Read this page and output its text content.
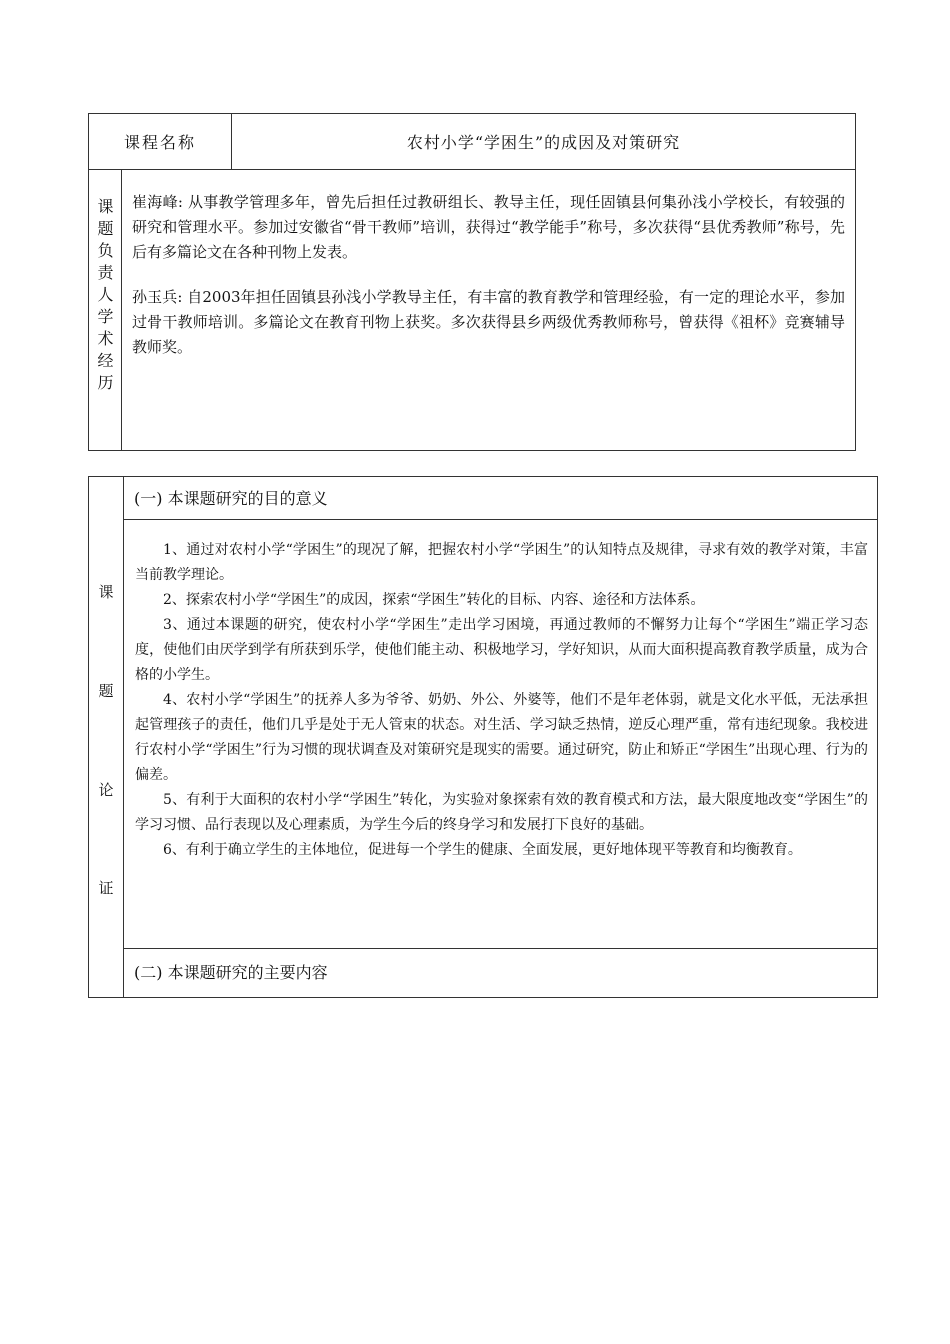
课程名称	农村小学“学困生”的成因及对策研究
课题负责人学术经历	崔海峰: 从事教学管理多年，曾先后担任过教研组长、教导主任，现任固镇县何集孙浅小学校长，有较强的研究和管理水平。参加过安徽省“骨干教师”培训，获得过“教学能手”称号，多次获得“县优秀教师”称号，先后有多篇论文在各种刊物上发表。

孙玉兵: 自2003年担任固镇县孙浅小学教导主任，有丰富的教育教学和管理经验，有一定的理论水平，参加过骨干教师培训。多篇论文在教育刊物上获奖。多次获得县乡两级优秀教师称号，曾获得《祖杯》竞赛辅导教师奖。

课
题
论
证
(一) 本课题研究的目的意义

1、通过对农村小学“学困生”的现况了解，把握农村小学“学困生”的认知特点及规律，寻求有效的教学对策，丰富当前教学理论。

2、探索农村小学“学困生”的成因，探索“学困生”转化的目标、内容、途径和方法体系。

3、通过本课题的研究，使农村小学“学困生”走出学习困境，再通过教师的不懈努力让每个“学困生”端正学习态度，使他们由厌学到学有所获到乐学，使他们能主动、积极地学习，学好知识，从而大面积提高教育教学质量，成为合格的小学生。

4、农村小学“学困生”的抚养人多为爷爷、奶奶、外公、外婆等，他们不是年老体弱，就是文化水平低，无法承担起管理孩子的责任，他们几乎是处于无人管束的状态。对生活、学习缺乏热情，逆反心理严重，常有违纪现象。我校进行农村小学“学困生”行为习惯的现状调查及对策研究是现实的需要。通过研究，防止和矫正“学困生”出现心理、行为的偏差。

5、有利于大面积的农村小学“学困生”转化，为实验对象探索有效的教育模式和方法，最大限度地改变“学困生”的学习习惯、品行表现以及心理素质，为学生今后的终身学习和发展打下良好的基础。

6、有利于确立学生的主体地位，促进每一个学生的健康、全面发展，更好地体现平等教育和均衡教育。

(二) 本课题研究的主要内容
